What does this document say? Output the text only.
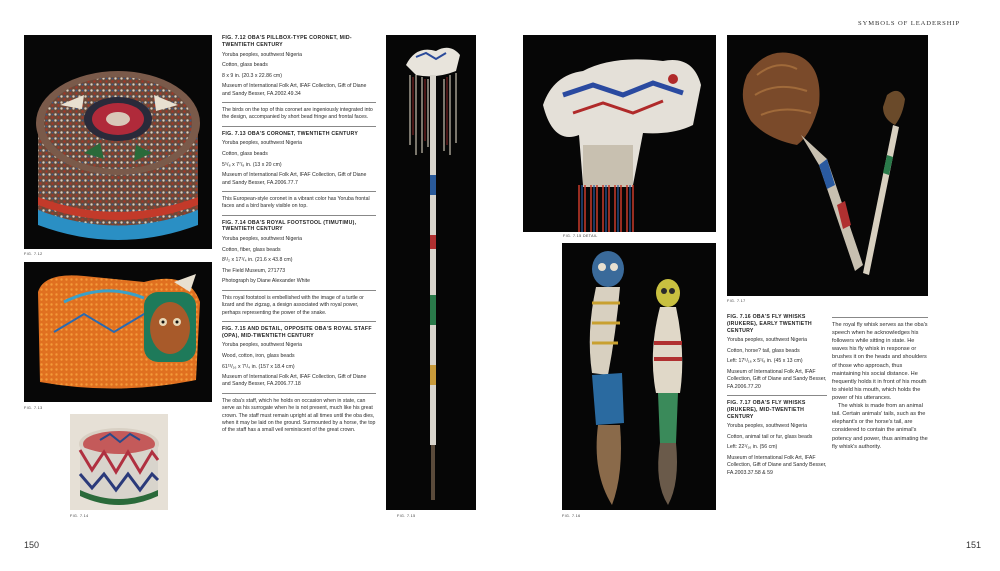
SYMBOLS OF LEADERSHIP
150	151
FIG. 7.12
FIG. 7.13
FIG. 7.14
FIG. 7.12 OBA'S PILLBOX-TYPE CORONET, MID-TWENTIETH CENTURY

Yoruba peoples, southwest Nigeria

Cotton, glass beads

8 x 9 in. (20.3 x 22.86 cm)

Museum of International Folk Art, IFAF Collection, Gift of Diane and Sandy Besser, FA.2002.49.34

The birds on the top of this coronet are ingeniously integrated into the design, accompanied by short bead fringe and frontal faces.

FIG. 7.13 OBA'S CORONET, TWENTIETH CENTURY

Yoruba peoples, southwest Nigeria

Cotton, glass beads

5⁵/₈ x 7⁷/₈ in. (13 x 20 cm)

Museum of International Folk Art, IFAF Collection, Gift of Diane and Sandy Besser, FA.2006.77.7

This European-style coronet in a vibrant color has Yoruba frontal faces and a bird barely visible on top.

FIG. 7.14 OBA'S ROYAL FOOTSTOOL (TIMUTIMU), TWENTIETH CENTURY

Yoruba peoples, southwest Nigeria

Cotton, fiber, glass beads

8¹/₂ x 17¹/₄ in. (21.6 x 43.8 cm)

The Field Museum, 271773

Photograph by Diane Alexander White

This royal footstool is embellished with the image of a turtle or lizard and the zigzag, a design associated with royal power, perhaps representing the power of the snake.

FIG. 7.15 AND DETAIL, OPPOSITE OBA'S ROYAL STAFF (OPA), MID-TWENTIETH CENTURY

Yoruba peoples, southwest Nigeria

Wood, cotton, iron, glass beads

61¹³/₁₆ x 7¹/₄ in. (157 x 18.4 cm)

Museum of International Folk Art, IFAF Collection, Gift of Diane and Sandy Besser, FA.2006.77.18

The oba's staff, which he holds on occasion when in state, can serve as his surrogate when he is not present, much like his great crown. The staff must remain upright at all times until the oba dies, when it may be laid on the ground. Surmounted by a horse, the top of the staff has a small veil reminiscent of the great crown.

FIG. 7.15
FIG. 7.15 DETAIL
FIG. 7.16
FIG. 7.17
FIG. 7.16 OBA'S FLY WHISKS (IRUKERE), EARLY TWENTIETH CENTURY

Yoruba peoples, southwest Nigeria

Cotton, horse? tail, glass beads

Left: 17⁵/₁₆ x 5¹/₈ in. (45 x 13 cm)

Museum of International Folk Art, IFAF Collection, Gift of Diane and Sandy Besser, FA.2006.77.20

FIG. 7.17 OBA'S FLY WHISKS (IRUKERE), MID-TWENTIETH CENTURY

Yoruba peoples, southwest Nigeria

Cotton, animal tail or fur, glass beads

Left: 22¹/₁₆ in. (56 cm)

Museum of International Folk Art, IFAF Collection, Gift of Diane and Sandy Besser, FA.2003.37.58 & 59

The royal fly whisk serves as the oba's speech when he acknowledges his followers while sitting in state. He waves his fly whisk in response or brushes it on the heads and shoulders of those who approach, thus maintaining his social distance. He frequently holds it in front of his mouth to shield his mouth, which holds the power of his utterances.

The whisk is made from an animal tail. Certain animals' tails, such as the elephant's or the horse's tail, are considered to contain the animal's potency and power, thus animating the fly whisk's authority.
